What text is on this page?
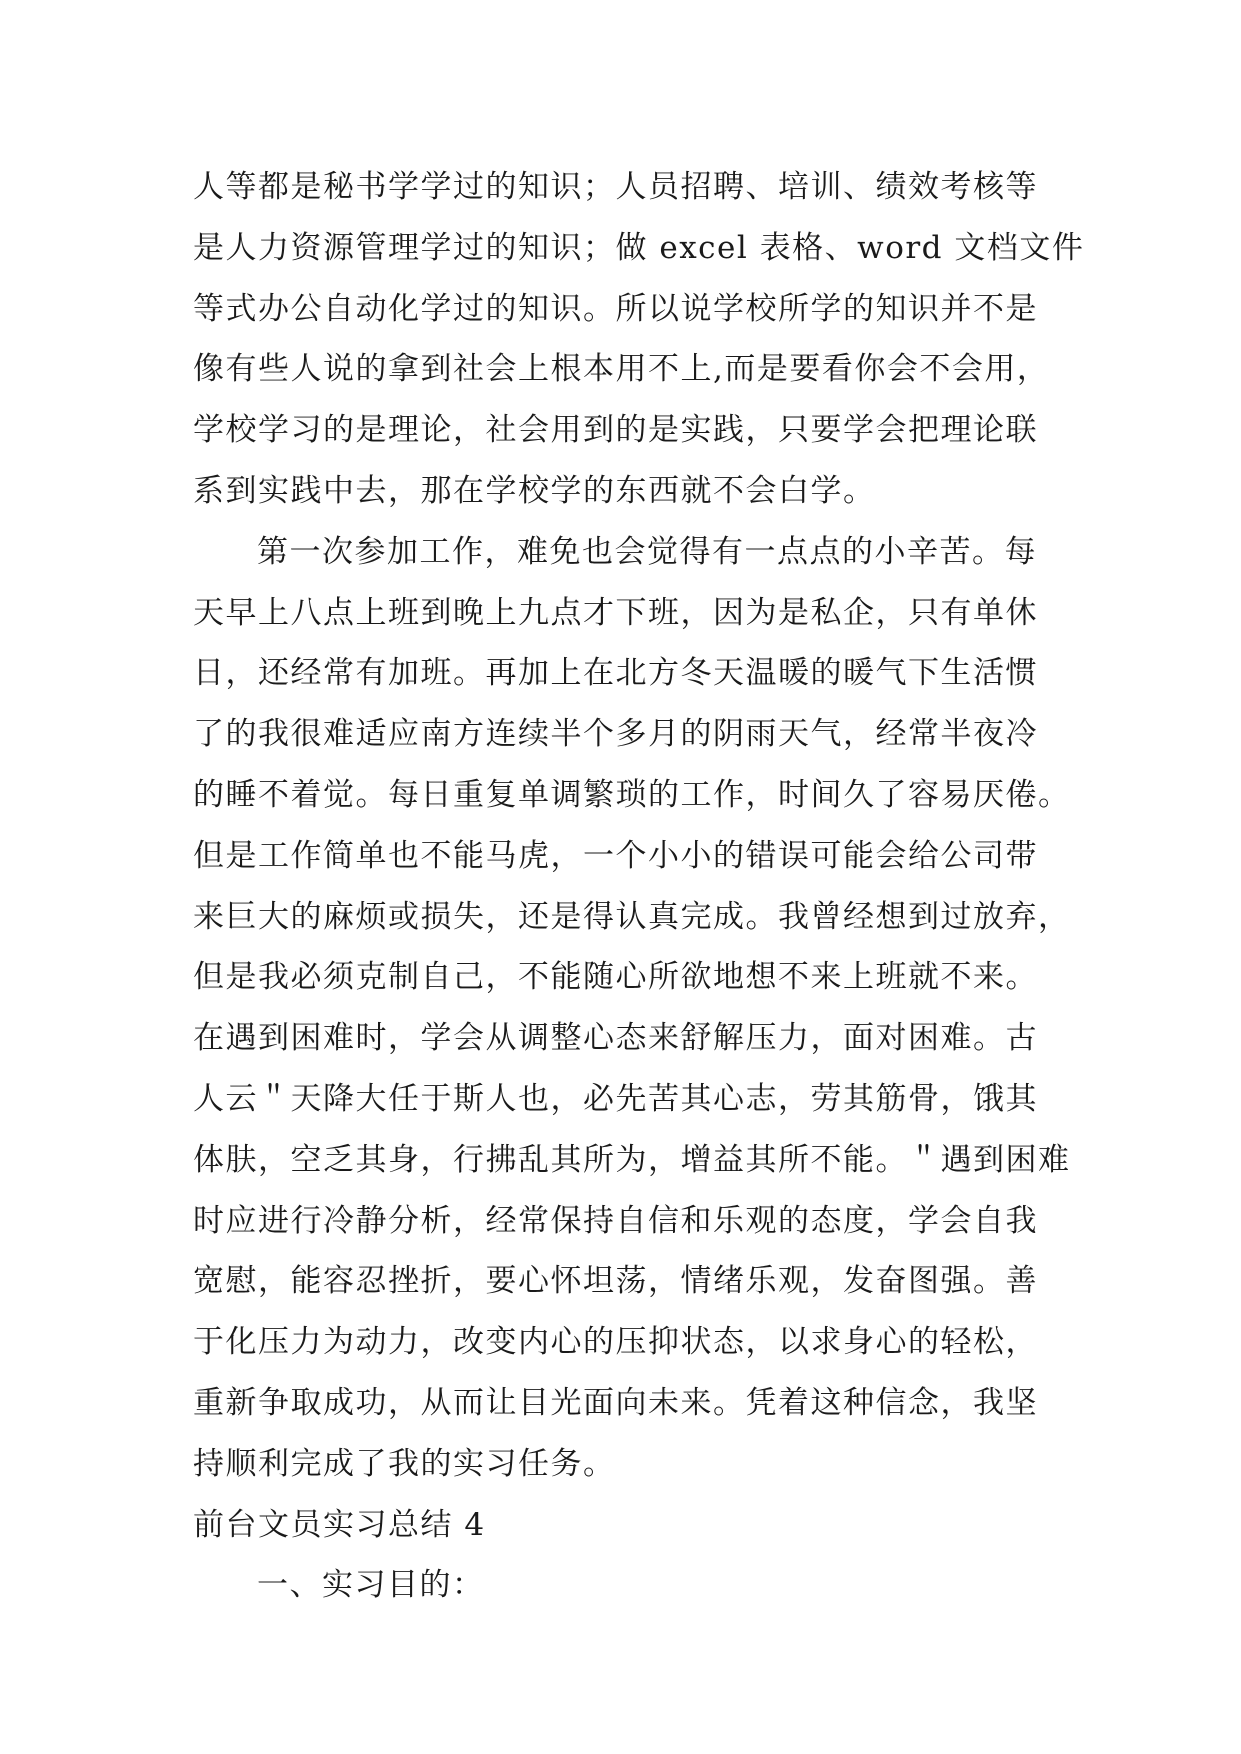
人等都是秘书学学过的知识；人员招聘、培训、绩效考核等
是人力资源管理学过的知识；做 excel 表格、word 文档文件
等式办公自动化学过的知识。所以说学校所学的知识并不是
像有些人说的拿到社会上根本用不上,而是要看你会不会用，
学校学习的是理论，社会用到的是实践，只要学会把理论联
系到实践中去，那在学校学的东西就不会白学。
第一次参加工作，难免也会觉得有一点点的小辛苦。每
天早上八点上班到晚上九点才下班，因为是私企，只有单休
日，还经常有加班。再加上在北方冬天温暖的暖气下生活惯
了的我很难适应南方连续半个多月的阴雨天气，经常半夜冷
的睡不着觉。每日重复单调繁琐的工作，时间久了容易厌倦。
但是工作简单也不能马虎，一个小小的错误可能会给公司带
来巨大的麻烦或损失，还是得认真完成。我曾经想到过放弃，
但是我必须克制自己，不能随心所欲地想不来上班就不来。
在遇到困难时，学会从调整心态来舒解压力，面对困难。古
人云＂天降大任于斯人也，必先苦其心志，劳其筋骨，饿其
体肤，空乏其身，行拂乱其所为，增益其所不能。＂遇到困难
时应进行冷静分析，经常保持自信和乐观的态度，学会自我
宽慰，能容忍挫折，要心怀坦荡，情绪乐观，发奋图强。善
于化压力为动力，改变内心的压抑状态，以求身心的轻松，
重新争取成功，从而让目光面向未来。凭着这种信念，我坚
持顺利完成了我的实习任务。
前台文员实习总结 4
一、实习目的：
